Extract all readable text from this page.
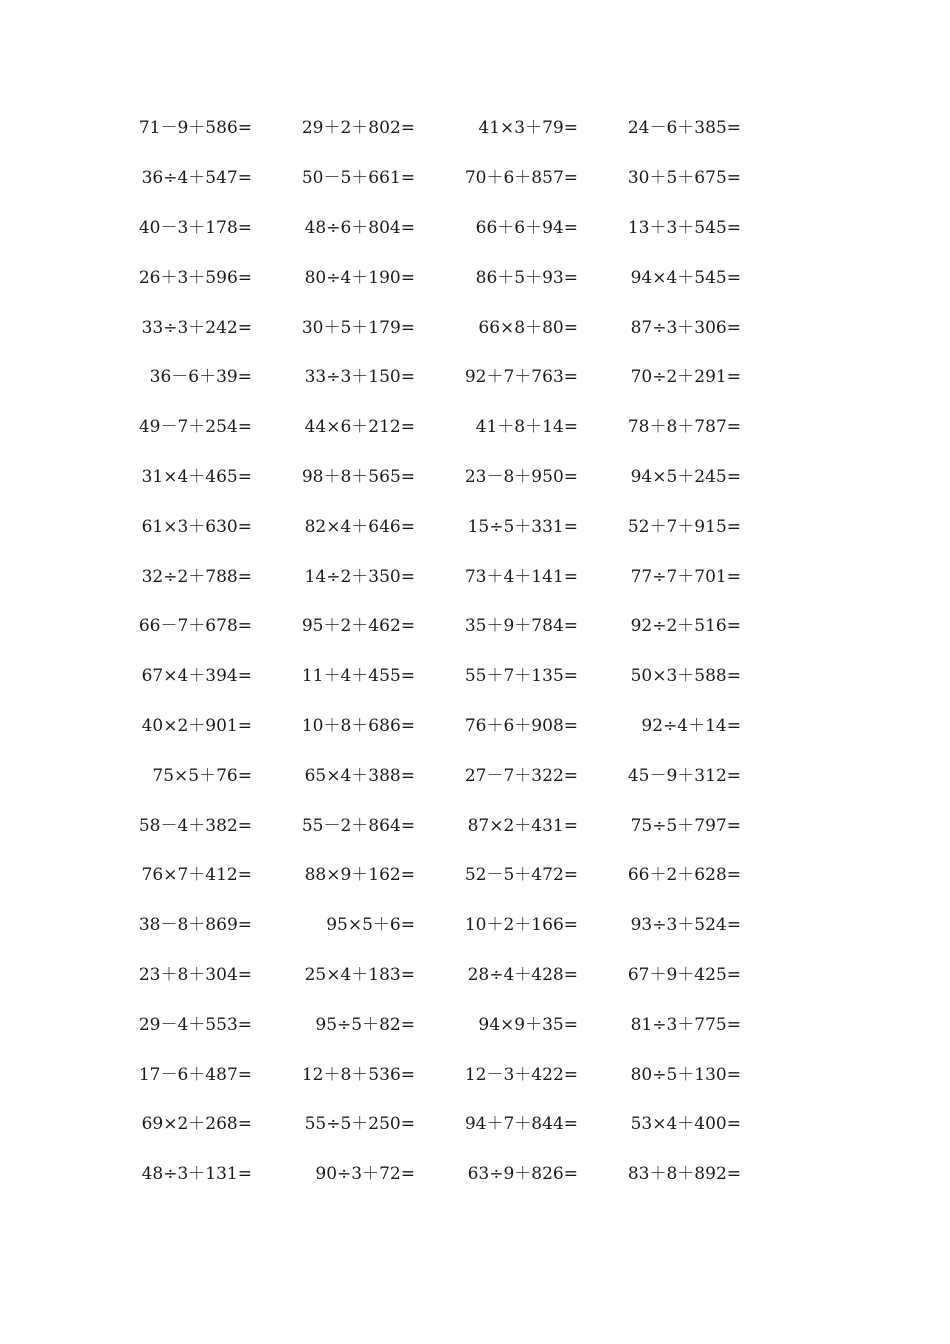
71－9＋586=	29＋2＋802=	41×3＋79=	24－6＋385=
36÷4＋547=	50－5＋661=	70＋6＋857=	30＋5＋675=
40－3＋178=	48÷6＋804=	66＋6＋94=	13＋3＋545=
26＋3＋596=	80÷4＋190=	86＋5＋93=	94×4＋545=
33÷3＋242=	30＋5＋179=	66×8＋80=	87÷3＋306=
36－6＋39=	33÷3＋150=	92＋7＋763=	70÷2＋291=
49－7＋254=	44×6＋212=	41＋8＋14=	78＋8＋787=
31×4＋465=	98＋8＋565=	23－8＋950=	94×5＋245=
61×3＋630=	82×4＋646=	15÷5＋331=	52＋7＋915=
32÷2＋788=	14÷2＋350=	73＋4＋141=	77÷7＋701=
66－7＋678=	95＋2＋462=	35＋9＋784=	92÷2＋516=
67×4＋394=	11＋4＋455=	55＋7＋135=	50×3＋588=
40×2＋901=	10＋8＋686=	76＋6＋908=	92÷4＋14=
75×5＋76=	65×4＋388=	27－7＋322=	45－9＋312=
58－4＋382=	55－2＋864=	87×2＋431=	75÷5＋797=
76×7＋412=	88×9＋162=	52－5＋472=	66＋2＋628=
38－8＋869=	95×5＋6=	10＋2＋166=	93÷3＋524=
23＋8＋304=	25×4＋183=	28÷4＋428=	67＋9＋425=
29－4＋553=	95÷5＋82=	94×9＋35=	81÷3＋775=
17－6＋487=	12＋8＋536=	12－3＋422=	80÷5＋130=
69×2＋268=	55÷5＋250=	94＋7＋844=	53×4＋400=
48÷3＋131=	90÷3＋72=	63÷9＋826=	83＋8＋892=
